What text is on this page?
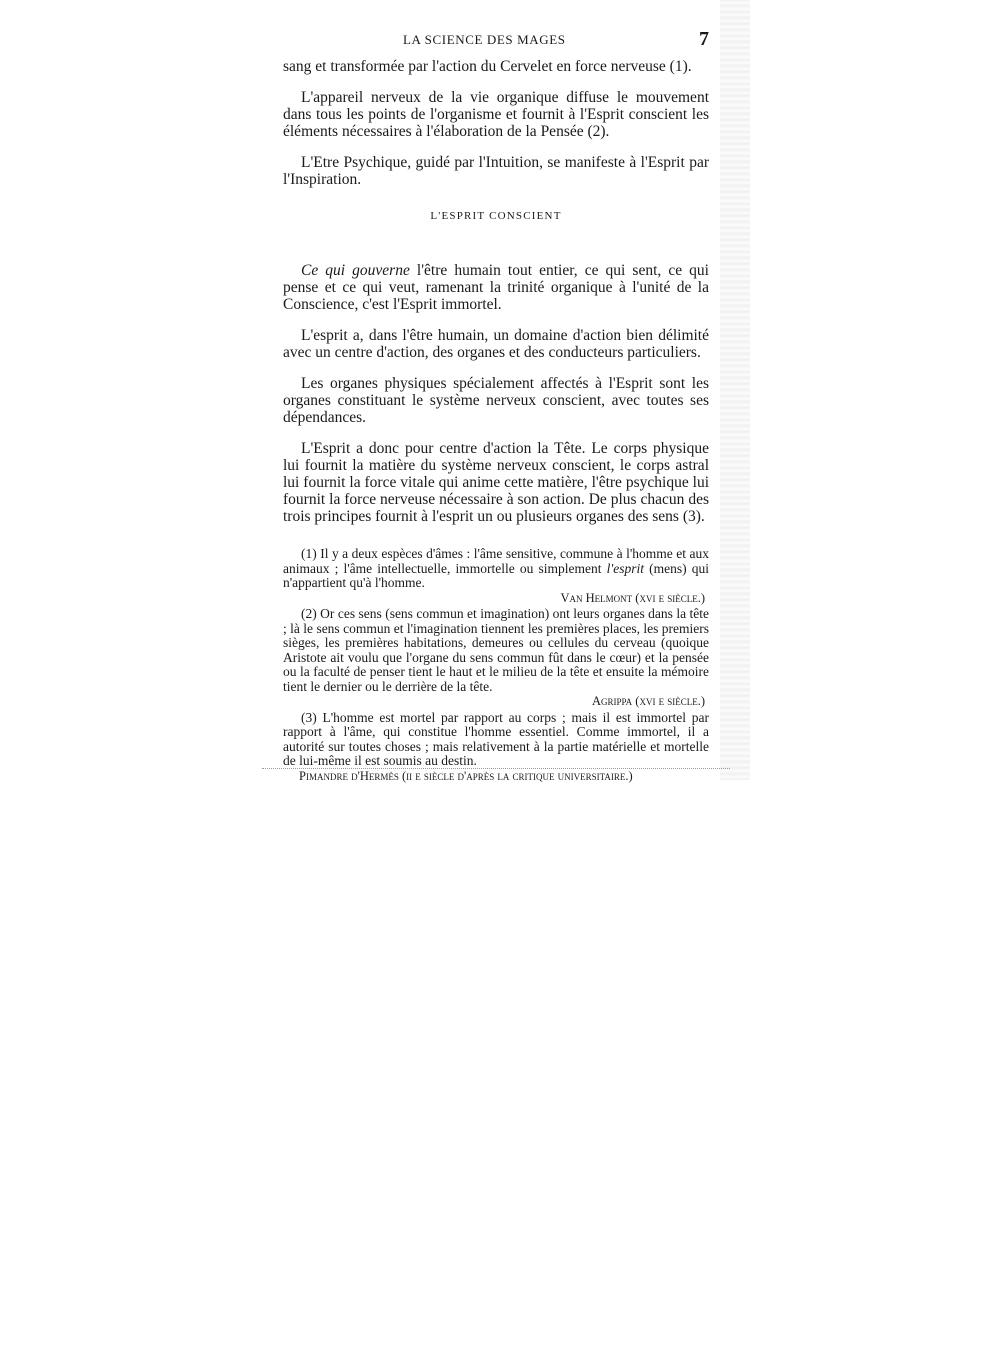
LA SCIENCE DES MAGES	7

sang et transformée par l'action du Cervelet en force nerveuse (1).

L'appareil nerveux de la vie organique diffuse le mouvement dans tous les points de l'organisme et fournit à l'Esprit conscient les éléments nécessaires à l'élaboration de la Pensée (2).

L'Etre Psychique, guidé par l'Intuition, se manifeste à l'Esprit par l'Inspiration.

L'ESPRIT CONSCIENT

Ce qui gouverne l'être humain tout entier, ce qui sent, ce qui pense et ce qui veut, ramenant la trinité organique à l'unité de la Conscience, c'est l'Esprit immortel.

L'esprit a, dans l'être humain, un domaine d'action bien délimité avec un centre d'action, des organes et des conducteurs particuliers.

Les organes physiques spécialement affectés à l'Esprit sont les organes constituant le système nerveux conscient, avec toutes ses dépendances.

L'Esprit a donc pour centre d'action la Tête. Le corps physique lui fournit la matière du système nerveux conscient, le corps astral lui fournit la force vitale qui anime cette matière, l'être psychique lui fournit la force nerveuse nécessaire à son action. De plus chacun des trois principes fournit à l'esprit un ou plusieurs organes des sens (3).

(1) Il y a deux espèces d'âmes : l'âme sensitive, commune à l'homme et aux animaux ; l'âme intellectuelle, immortelle ou simplement l'esprit (mens) qui n'appartient qu'à l'homme.

Van Helmont (xvi e siècle.)

(2) Or ces sens (sens commun et imagination) ont leurs organes dans la tête ; là le sens commun et l'imagination tiennent les premières places, les premiers sièges, les premières habitations, demeures ou cellules du cerveau (quoique Aristote ait voulu que l'organe du sens commun fût dans le cœur) et la pensée ou la faculté de penser tient le haut et le milieu de la tête et ensuite la mémoire tient le dernier ou le derrière de la tête.

Agrippa (xvi e siècle.)

(3) L'homme est mortel par rapport au corps ; mais il est immortel par rapport à l'âme, qui constitue l'homme essentiel. Comme immortel, il a autorité sur toutes choses ; mais relativement à la partie matérielle et mortelle de lui-même il est soumis au destin.

Pimandre d'Hermès (ii e siècle d'après la critique universitaire.)
